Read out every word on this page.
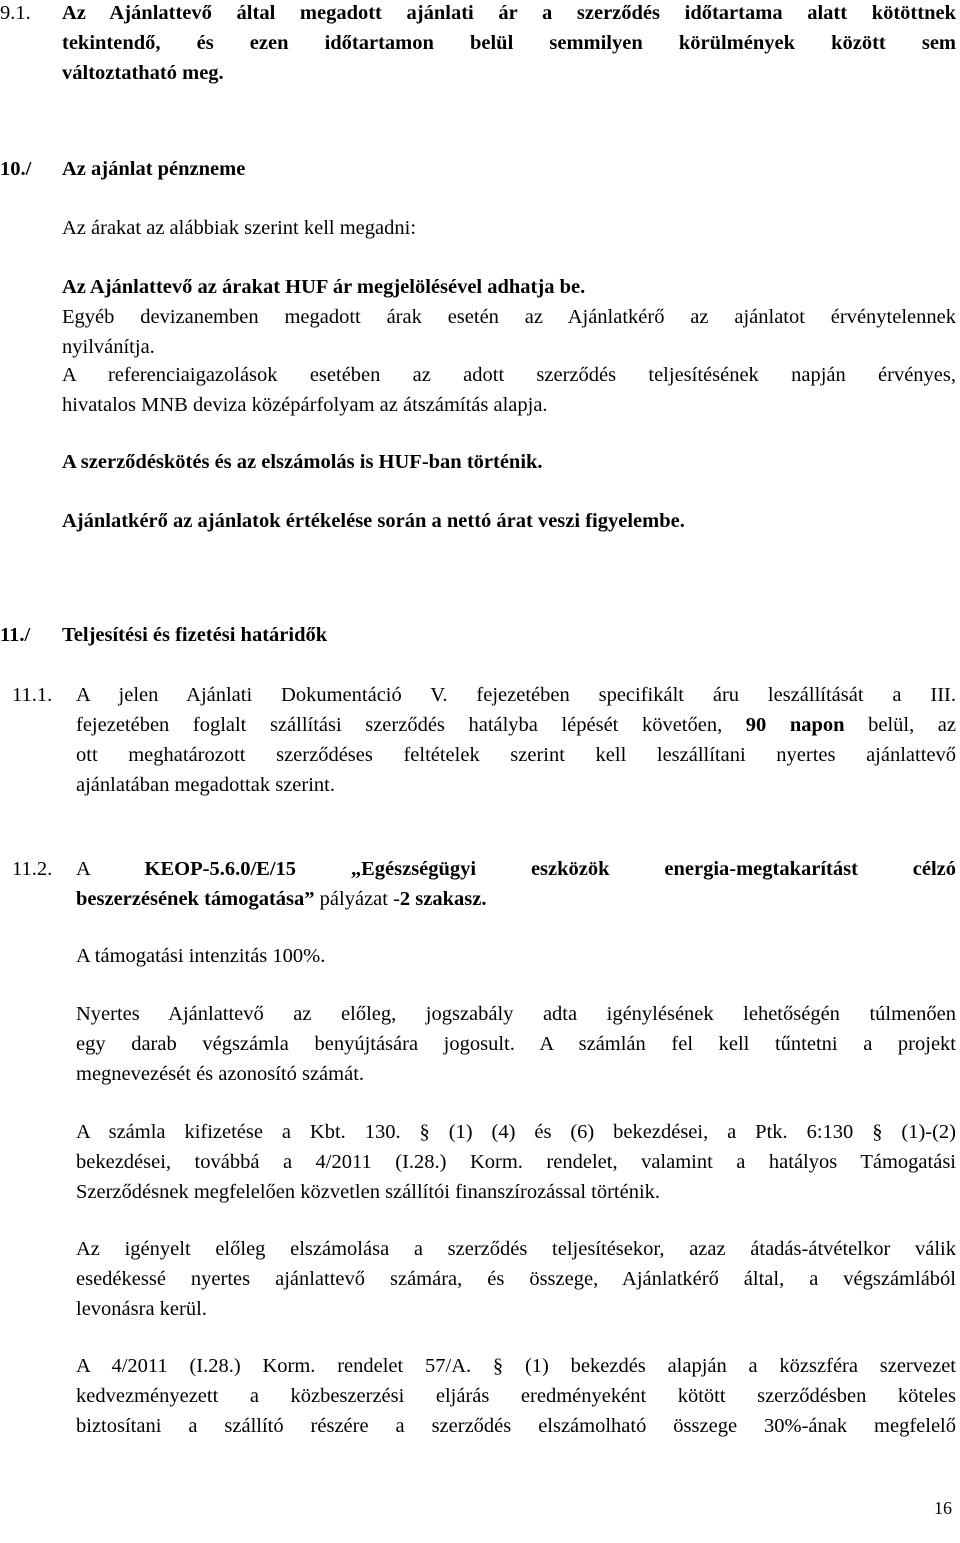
9.1. Az Ajánlattevő által megadott ajánlati ár a szerződés időtartama alatt kötöttnek
tekintendő, és ezen időtartamon belül semmilyen körülmények között sem
változtatható meg.
10./ Az ajánlat pénzneme
Az árakat az alábbiak szerint kell megadni:
Az Ajánlattevő az árakat HUF ár megjelölésével adhatja be.
Egyéb devizanemben megadott árak esetén az Ajánlatkérő az ajánlatot érvénytelennek
nyilvánítja.
A referenciaigazolások esetében az adott szerződés teljesítésének napján érvényes,
hivatalos MNB deviza középárfolyam az átszámítás alapja.
A szerződéskötés és az elszámolás is HUF-ban történik.
Ajánlatkérő az ajánlatok értékelése során a nettó árat veszi figyelembe.
11./ Teljesítési és fizetési határidők
11.1. A jelen Ajánlati Dokumentáció V. fejezetében specifikált áru leszállítását a III.
fejezetében foglalt szállítási szerződés hatályba lépését követően, 90 napon belül, az
ott meghatározott szerződéses feltételek szerint kell leszállítani nyertes ajánlattevő
ajánlatában megadottak szerint.
11.2. A	KEOP-5.6.0/E/15 „Egészségügyi eszközök energia-megtakarítást célzó
beszerzésének támogatása” pályázat -2 szakasz.
A támogatási intenzitás 100%.
Nyertes Ajánlattevő az előleg, jogszabály adta igénylésének lehetőségén túlmenően
egy darab végszámla benyújtására jogosult. A számlán fel kell tűntetni a projekt
megnevezését és azonosító számát.
A számla kifizetése a Kbt. 130. § (1) (4) és (6) bekezdései, a Ptk. 6:130 § (1)-(2)
bekezdései, továbbá a 4/2011 (I.28.) Korm. rendelet, valamint a hatályos Támogatási
Szerződésnek megfelelően közvetlen szállítói finanszírozással történik.
Az igényelt előleg elszámolása a szerződés teljesítésekor, azaz átadás-átvételkor válik
esedékessé nyertes ajánlattevő számára, és összege, Ajánlatkérő által, a végszámlából
levonásra kerül.
A 4/2011 (I.28.) Korm. rendelet 57/A. § (1) bekezdés alapján a közszféra szervezet
kedvezményezett a közbeszerzési eljárás eredményeként kötött szerződésben köteles
biztosítani a szállító részére a szerződés elszámolható összege 30%-ának megfelelő
16
